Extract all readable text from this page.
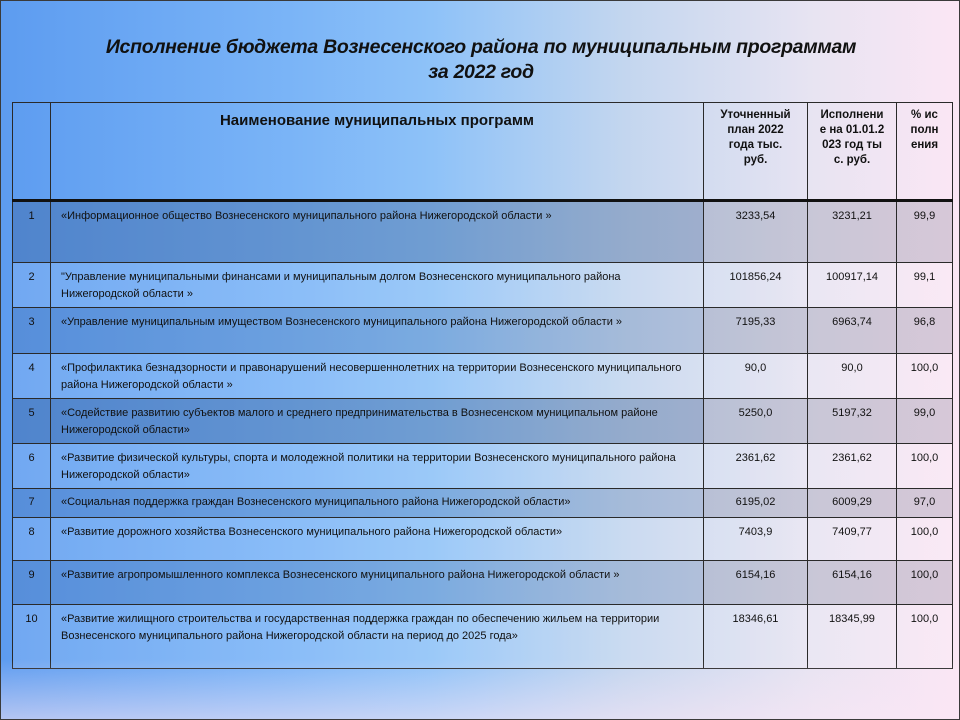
Исполнение бюджета Вознесенского района по муниципальным программам
за 2022 год
	Наименование муниципальных программ	Уточненный
план 2022
года тыс.
руб.	Исполнение на 01.01.2023 год тыс. руб.	% исполнения

1	«Информационное общество Вознесенского муниципального района Нижегородской области »	3233,54	3231,21	99,9
2	"Управление муниципальными финансами и муниципальным долгом Вознесенского муниципального района Нижегородской области »	101856,24	100917,14	99,1
3	«Управление муниципальным имуществом Вознесенского муниципального района Нижегородской области »	7195,33	6963,74	96,8
4	«Профилактика безнадзорности и правонарушений несовершеннолетних на территории Вознесенского муниципального района Нижегородской области »	90,0	90,0	100,0
5	«Содействие развитию субъектов малого и среднего предпринимательства в Вознесенском муниципальном районе Нижегородской области»	5250,0	5197,32	99,0
6	«Развитие физической культуры, спорта и молодежной политики на территории Вознесенского муниципального района Нижегородской области»	2361,62	2361,62	100,0
7	«Социальная поддержка граждан Вознесенского муниципального района Нижегородской области»	6195,02	6009,29	97,0
8	«Развитие дорожного хозяйства Вознесенского муниципального района Нижегородской области»	7403,9	7409,77	100,0
9	«Развитие агропромышленного комплекса Вознесенского муниципального района Нижегородской области »	6154,16	6154,16	100,0
10	«Развитие жилищного строительства и государственная поддержка граждан по обеспечению жильем на территории Вознесенского муниципального района Нижегородской области на период до 2025 года»	18346,61	18345,99	100,0
